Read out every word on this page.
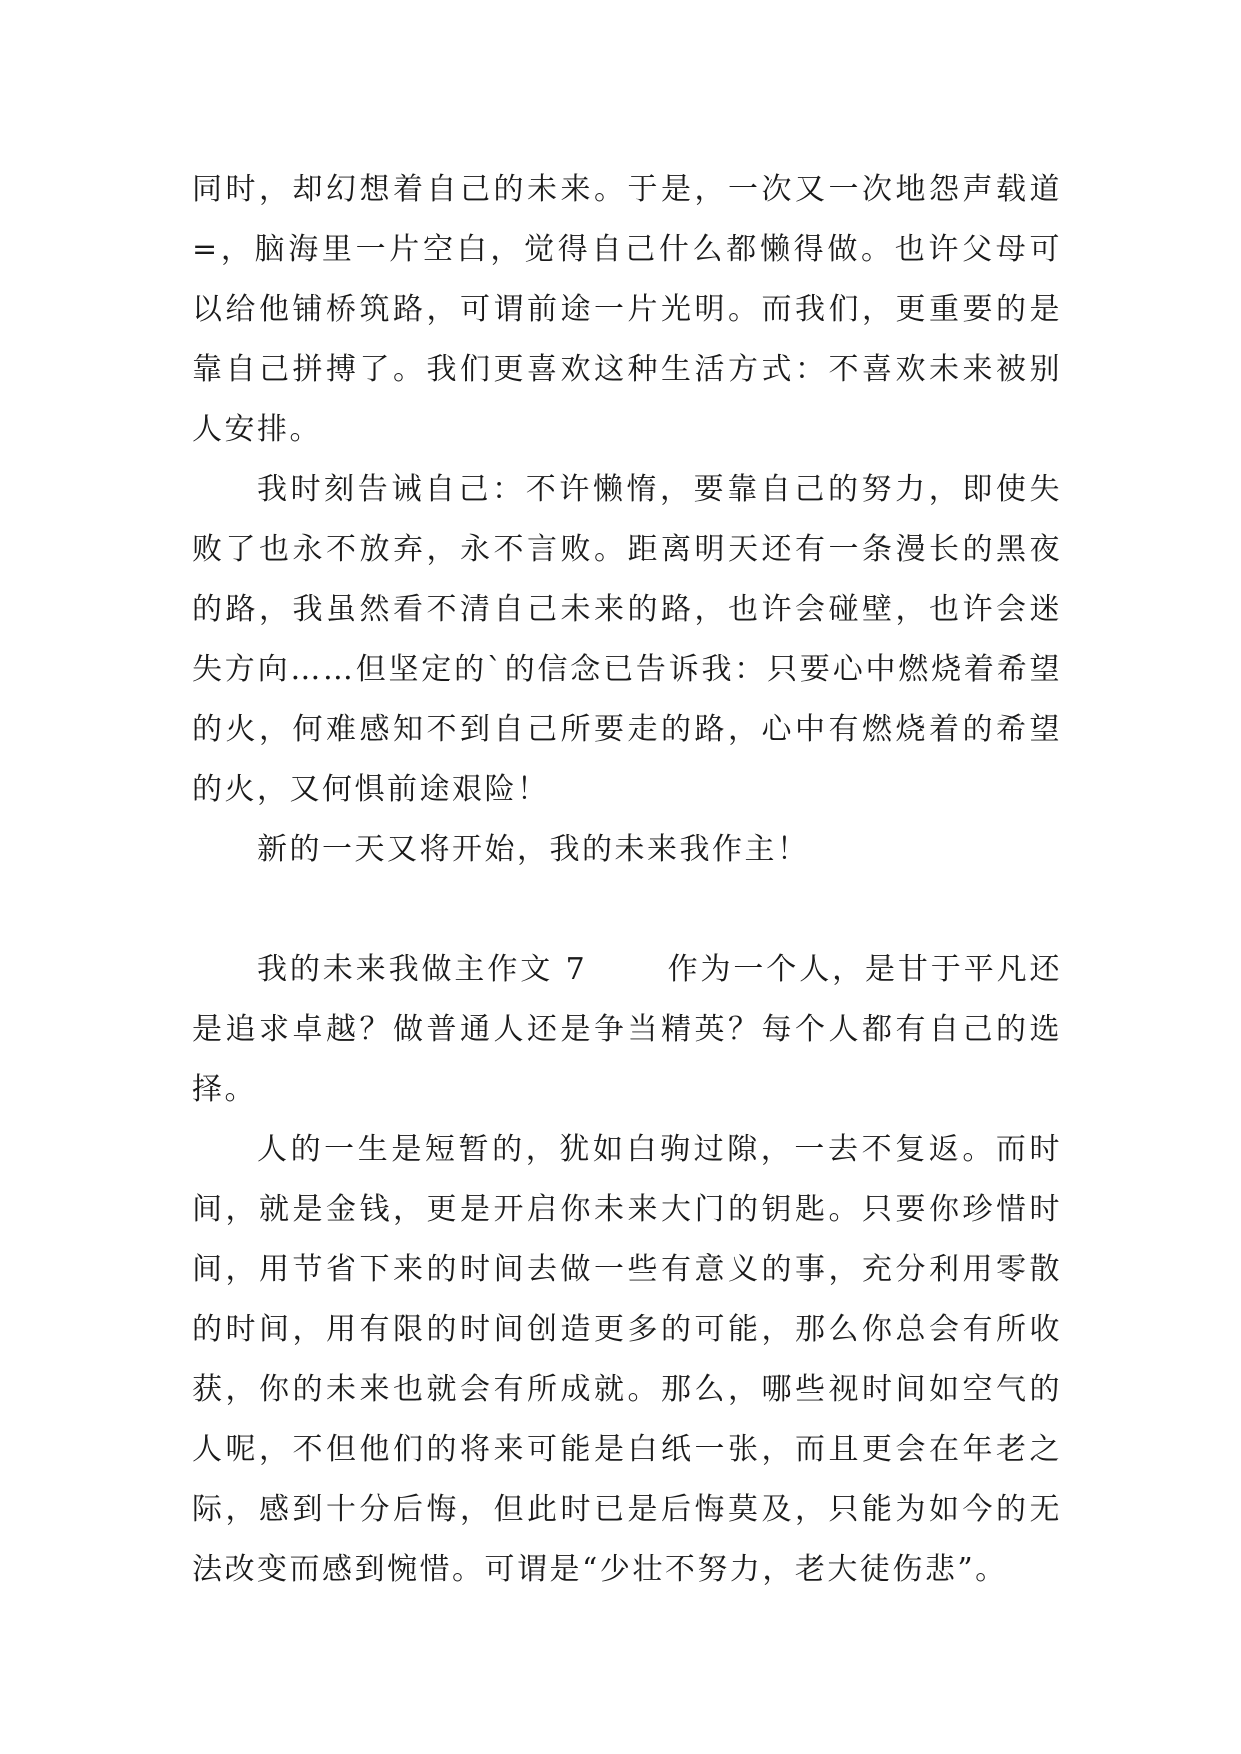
同时，却幻想着自己的未来。于是，一次又一次地怨声载道=，脑海里一片空白，觉得自己什么都懒得做。也许父母可以给他铺桥筑路，可谓前途一片光明。而我们，更重要的是靠自己拼搏了。我们更喜欢这种生活方式：不喜欢未来被别人安排。

我时刻告诫自己：不许懒惰，要靠自己的努力，即使失败了也永不放弃，永不言败。距离明天还有一条漫长的黑夜的路，我虽然看不清自己未来的路，也许会碰壁，也许会迷失方向……但坚定的`的信念已告诉我：只要心中燃烧着希望的火，何难感知不到自己所要走的路，心中有燃烧着的希望的火，又何惧前途艰险！

新的一天又将开始，我的未来我作主！

我的未来我做主作文 7	作为一个人，是甘于平凡还是追求卓越？做普通人还是争当精英？每个人都有自己的选择。

人的一生是短暂的，犹如白驹过隙，一去不复返。而时间，就是金钱，更是开启你未来大门的钥匙。只要你珍惜时间，用节省下来的时间去做一些有意义的事，充分利用零散的时间，用有限的时间创造更多的可能，那么你总会有所收获，你的未来也就会有所成就。那么，哪些视时间如空气的人呢，不但他们的将来可能是白纸一张，而且更会在年老之际，感到十分后悔，但此时已是后悔莫及，只能为如今的无法改变而感到惋惜。可谓是“少壮不努力，老大徒伤悲”。
